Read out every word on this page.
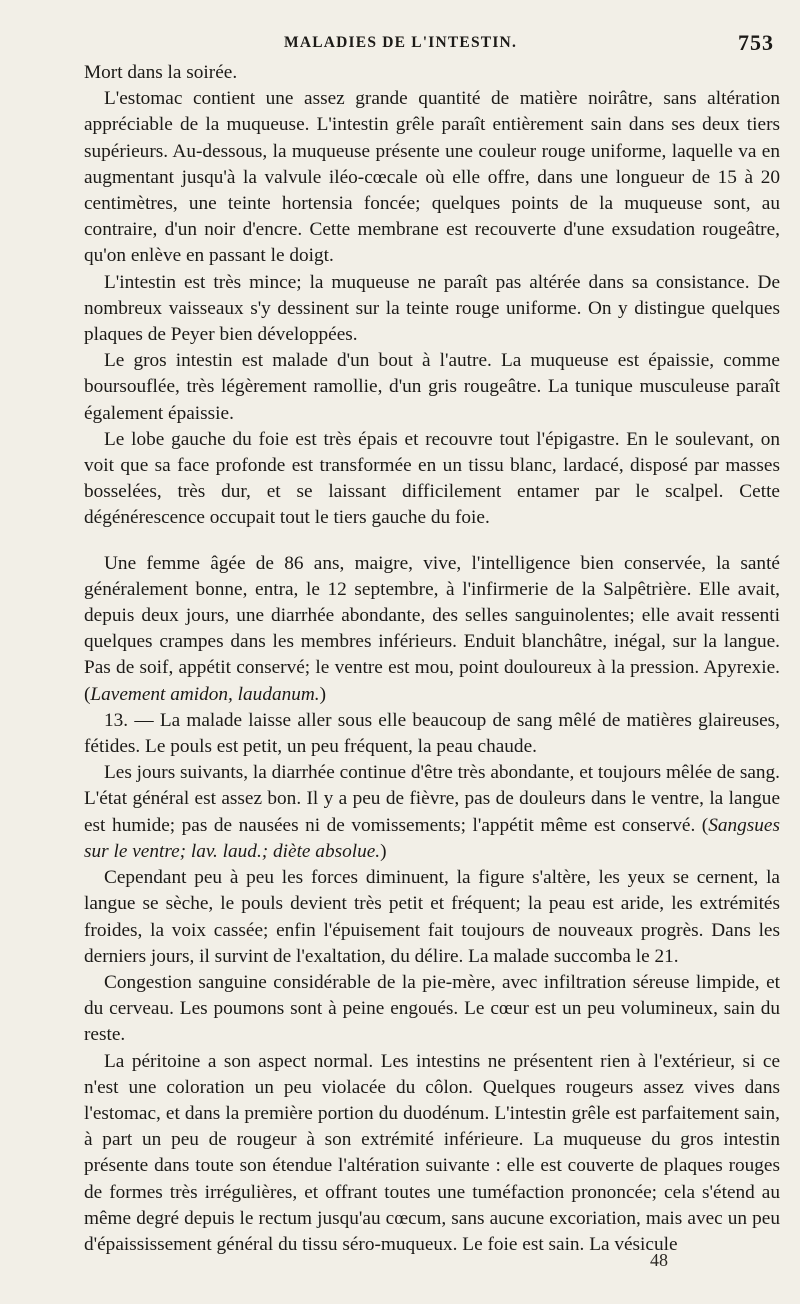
MALADIES DE L'INTESTIN.	753

Mort dans la soirée.

L'estomac contient une assez grande quantité de matière noirâtre, sans altération appréciable de la muqueuse. L'intestin grêle paraît entièrement sain dans ses deux tiers supérieurs. Au-dessous, la muqueuse présente une couleur rouge uniforme, laquelle va en augmentant jusqu'à la valvule iléo-cœcale où elle offre, dans une longueur de 15 à 20 centimètres, une teinte hortensia foncée; quelques points de la muqueuse sont, au contraire, d'un noir d'encre. Cette membrane est recouverte d'une exsudation rougeâtre, qu'on enlève en passant le doigt.

L'intestin est très mince; la muqueuse ne paraît pas altérée dans sa consistance. De nombreux vaisseaux s'y dessinent sur la teinte rouge uniforme. On y distingue quelques plaques de Peyer bien développées.

Le gros intestin est malade d'un bout à l'autre. La muqueuse est épaissie, comme boursouflée, très légèrement ramollie, d'un gris rougeâtre. La tunique musculeuse paraît également épaissie.

Le lobe gauche du foie est très épais et recouvre tout l'épigastre. En le soulevant, on voit que sa face profonde est transformée en un tissu blanc, lardacé, disposé par masses bosselées, très dur, et se laissant difficilement entamer par le scalpel. Cette dégénérescence occupait tout le tiers gauche du foie.

Une femme âgée de 86 ans, maigre, vive, l'intelligence bien conservée, la santé généralement bonne, entra, le 12 septembre, à l'infirmerie de la Salpêtrière. Elle avait, depuis deux jours, une diarrhée abondante, des selles sanguinolentes; elle avait ressenti quelques crampes dans les membres inférieurs. Enduit blanchâtre, inégal, sur la langue. Pas de soif, appétit conservé; le ventre est mou, point douloureux à la pression. Apyrexie. (Lavement amidon, laudanum.)

13. — La malade laisse aller sous elle beaucoup de sang mêlé de matières glaireuses, fétides. Le pouls est petit, un peu fréquent, la peau chaude.

Les jours suivants, la diarrhée continue d'être très abondante, et toujours mêlée de sang. L'état général est assez bon. Il y a peu de fièvre, pas de douleurs dans le ventre, la langue est humide; pas de nausées ni de vomissements; l'appétit même est conservé. (Sangsues sur le ventre; lav. laud.; diète absolue.)

Cependant peu à peu les forces diminuent, la figure s'altère, les yeux se cernent, la langue se sèche, le pouls devient très petit et fréquent; la peau est aride, les extrémités froides, la voix cassée; enfin l'épuisement fait toujours de nouveaux progrès. Dans les derniers jours, il survint de l'exaltation, du délire. La malade succomba le 21.

Congestion sanguine considérable de la pie-mère, avec infiltration séreuse limpide, et du cerveau. Les poumons sont à peine engoués. Le cœur est un peu volumineux, sain du reste.

La péritoine a son aspect normal. Les intestins ne présentent rien à l'extérieur, si ce n'est une coloration un peu violacée du côlon. Quelques rougeurs assez vives dans l'estomac, et dans la première portion du duodénum. L'intestin grêle est parfaitement sain, à part un peu de rougeur à son extrémité inférieure. La muqueuse du gros intestin présente dans toute son étendue l'altération suivante : elle est couverte de plaques rouges de formes très irrégulières, et offrant toutes une tuméfaction prononcée; cela s'étend au même degré depuis le rectum jusqu'au cœcum, sans aucune excoriation, mais avec un peu d'épaississement général du tissu séro-muqueux. Le foie est sain. La vésicule

48
